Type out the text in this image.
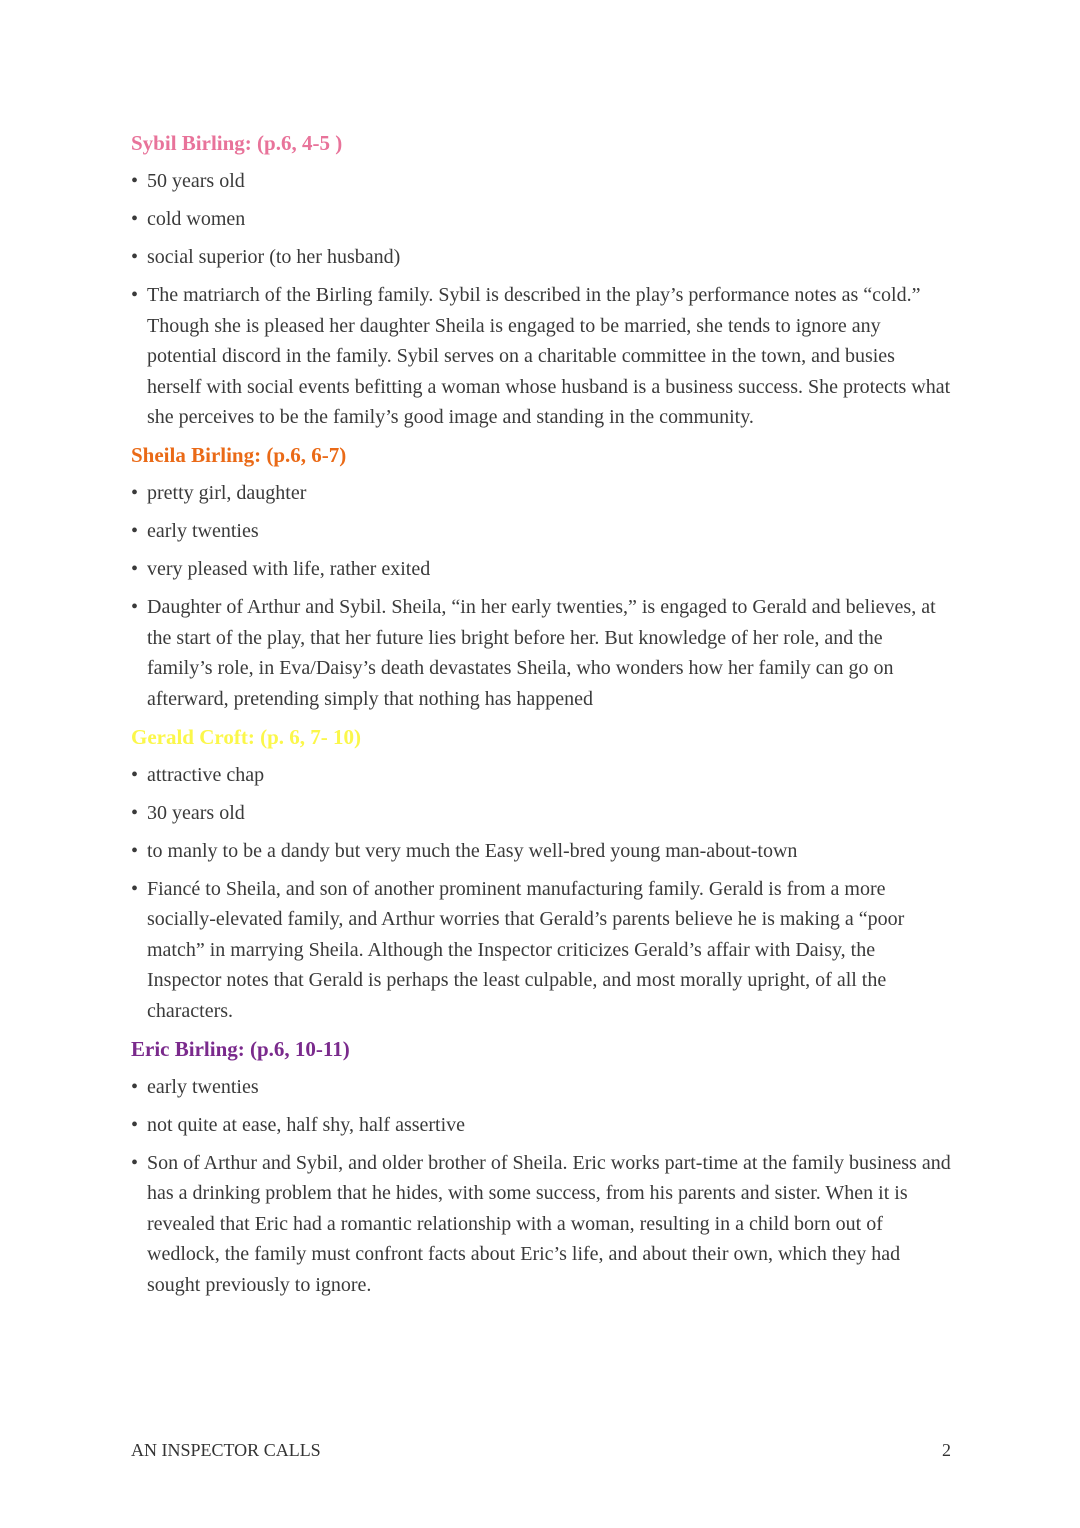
Sybil Birling: (p.6, 4-5 )
• 50 years old
• cold women
• social superior (to her husband)
• The matriarch of the Birling family. Sybil is described in the play’s performance notes as “cold.” Though she is pleased her daughter Sheila is engaged to be married, she tends to ignore any potential discord in the family. Sybil serves on a charitable committee in the town, and busies herself with social events befitting a woman whose husband is a business success. She protects what she perceives to be the family’s good image and standing in the community.
Sheila Birling: (p.6, 6-7)
• pretty girl, daughter
• early twenties
• very pleased with life, rather exited
• Daughter of Arthur and Sybil. Sheila, “in her early twenties,” is engaged to Gerald and believes, at the start of the play, that her future lies bright before her. But knowledge of her role, and the family’s role, in Eva/Daisy’s death devastates Sheila, who wonders how her family can go on afterward, pretending simply that nothing has happened
Gerald Croft: (p. 6, 7- 10)
• attractive chap
• 30 years old
• to manly to be a dandy but very much the Easy well-bred young man-about-town
• Fiancé to Sheila, and son of another prominent manufacturing family. Gerald is from a more socially-elevated family, and Arthur worries that Gerald’s parents believe he is making a “poor match” in marrying Sheila. Although the Inspector criticizes Gerald’s affair with Daisy, the Inspector notes that Gerald is perhaps the least culpable, and most morally upright, of all the characters.
Eric Birling: (p.6, 10-11)
• early twenties
• not quite at ease, half shy, half assertive
• Son of Arthur and Sybil, and older brother of Sheila. Eric works part-time at the family business and has a drinking problem that he hides, with some success, from his parents and sister. When it is revealed that Eric had a romantic relationship with a woman, resulting in a child born out of wedlock, the family must confront facts about Eric’s life, and about their own, which they had sought previously to ignore.
AN INSPECTOR CALLS	2
